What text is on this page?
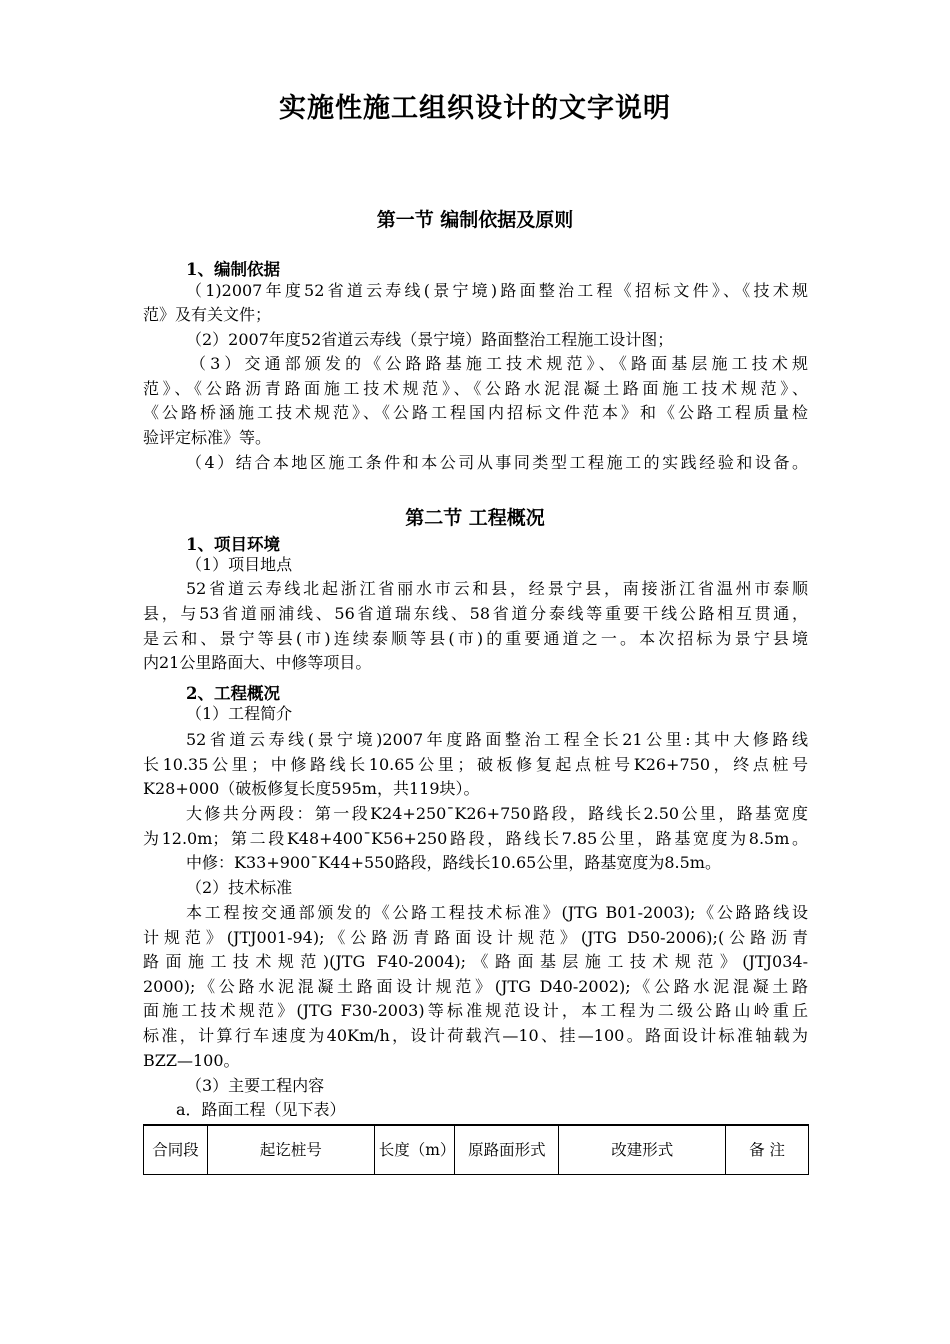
实施性施工组织设计的文字说明
第一节 编制依据及原则
1、编制依据
（1)2007年度52省道云寿线(景宁境)路面整治工程《招标文件》、《技术规
范》及有关文件；
（2）2007年度52省道云寿线（景宁境）路面整治工程施工设计图；
（3）交通部颁发的《公路路基施工技术规范》、《路面基层施工技术规
范》、《公路沥青路面施工技术规范》、《公路水泥混凝土路面施工技术规范》、
《公路桥涵施工技术规范》、《公路工程国内招标文件范本》和《公路工程质量检
验评定标准》等。
（4）结合本地区施工条件和本公司从事同类型工程施工的实践经验和设备。
第二节 工程概况
1、项目环境
（1）项目地点
52省道云寿线北起浙江省丽水市云和县，经景宁县，南接浙江省温州市泰顺
县，与53省道丽浦线、56省道瑞东线、58省道分泰线等重要干线公路相互贯通，
是云和、景宁等县(市)连续泰顺等县(市)的重要通道之一。本次招标为景宁县境
内21公里路面大、中修等项目。
2、工程概况
（1）工程简介
52省道云寿线(景宁境)2007年度路面整治工程全长21公里:其中大修路线
长10.35公里；中修路线长10.65公里；破板修复起点桩号K26+750，终点桩号
K28+000（破板修复长度595m，共119块）。
大修共分两段：第一段K24+250¯K26+750路段，路线长2.50公里，路基宽度
为12.0m；第二段K48+400¯K56+250路段，路线长7.85公里，路基宽度为8.5m。
中修：K33+900¯K44+550路段，路线长10.65公里，路基宽度为8.5m。
（2）技术标准
本工程按交通部颁发的《公路工程技术标准》(JTG B01-2003);《公路路线设
计规范》(JTJ001-94);《公路沥青路面设计规范》(JTG D50-2006);(公路沥青
路面施工技术规范)(JTG F40-2004);《路面基层施工技术规范》(JTJ034-
2000);《公路水泥混凝土路面设计规范》(JTG D40-2002);《公路水泥混凝土路
面施工技术规范》(JTG F30-2003)等标准规范设计，本工程为二级公路山岭重丘
标准，计算行车速度为40Km/h，设计荷载汽—10、挂—100。路面设计标准轴载为
BZZ—100。
（3）主要工程内容
a．路面工程（见下表）
合同段	起讫桩号	长度（m）	原路面形式	改建形式	备 注
